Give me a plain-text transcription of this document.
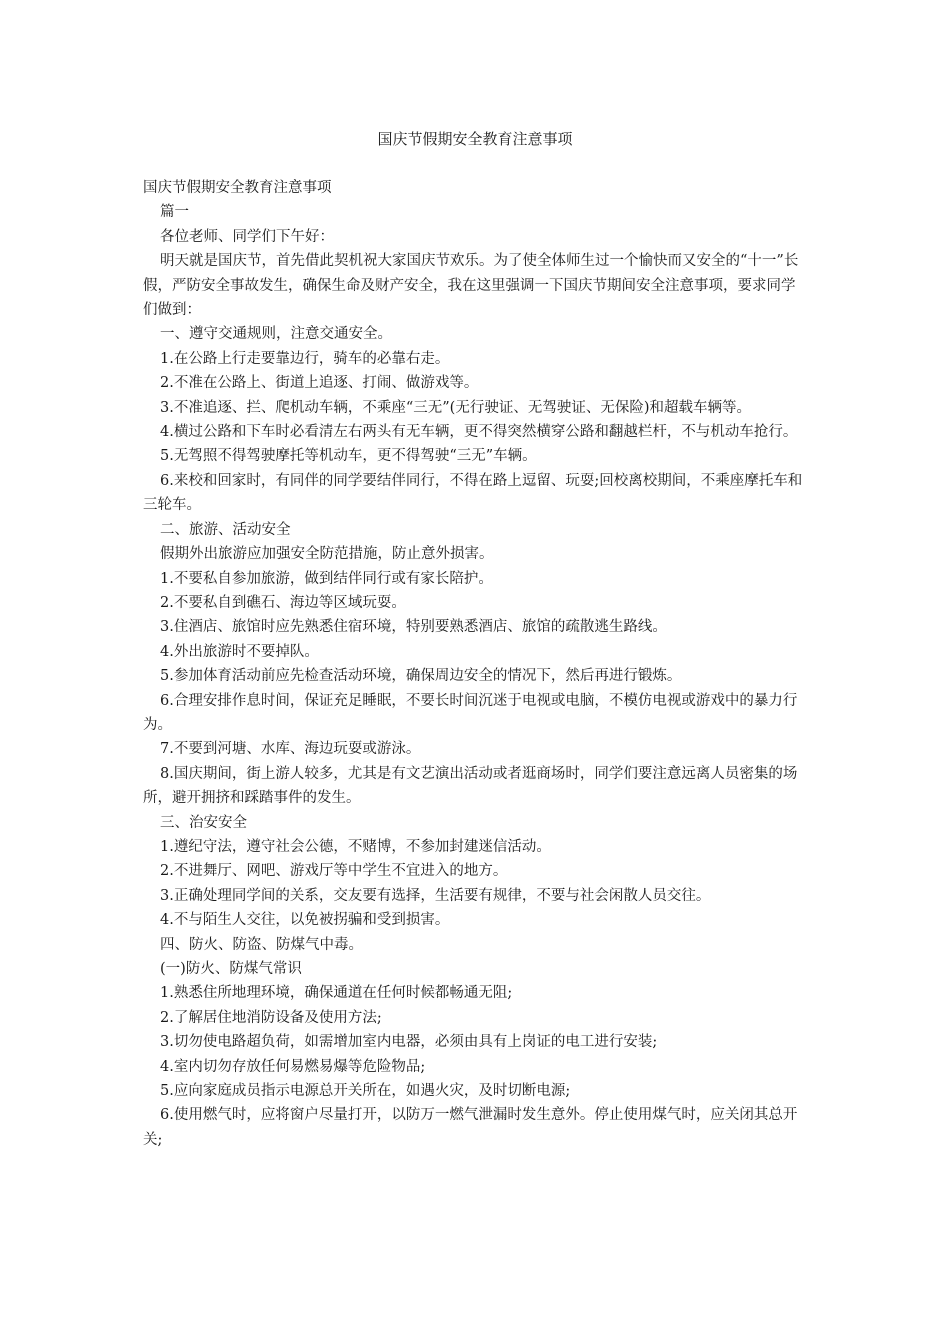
国庆节假期安全教育注意事项

国庆节假期安全教育注意事项

篇一

各位老师、同学们下午好：

明天就是国庆节，首先借此契机祝大家国庆节欢乐。为了使全体师生过一个愉快而又安全的“十一”长假，严防安全事故发生，确保生命及财产安全，我在这里强调一下国庆节期间安全注意事项，要求同学们做到：

一、遵守交通规则，注意交通安全。

1.在公路上行走要靠边行，骑车的必靠右走。

2.不准在公路上、街道上追逐、打闹、做游戏等。

3.不准追逐、拦、爬机动车辆，不乘座“三无”(无行驶证、无驾驶证、无保险)和超载车辆等。

4.横过公路和下车时必看清左右两头有无车辆，更不得突然横穿公路和翻越栏杆，不与机动车抢行。

5.无驾照不得驾驶摩托等机动车，更不得驾驶“三无”车辆。

6.来校和回家时，有同伴的同学要结伴同行，不得在路上逗留、玩耍;回校离校期间，不乘座摩托车和三轮车。

二、旅游、活动安全

假期外出旅游应加强安全防范措施，防止意外损害。

1.不要私自参加旅游，做到结伴同行或有家长陪护。

2.不要私自到礁石、海边等区域玩耍。

3.住酒店、旅馆时应先熟悉住宿环境，特别要熟悉酒店、旅馆的疏散逃生路线。

4.外出旅游时不要掉队。

5.参加体育活动前应先检查活动环境，确保周边安全的情况下，然后再进行锻炼。

6.合理安排作息时间，保证充足睡眠，不要长时间沉迷于电视或电脑，不模仿电视或游戏中的暴力行为。

7.不要到河塘、水库、海边玩耍或游泳。

8.国庆期间，街上游人较多，尤其是有文艺演出活动或者逛商场时，同学们要注意远离人员密集的场所，避开拥挤和踩踏事件的发生。

三、治安安全

1.遵纪守法，遵守社会公德，不赌博，不参加封建迷信活动。

2.不进舞厅、网吧、游戏厅等中学生不宜进入的地方。

3.正确处理同学间的关系，交友要有选择，生活要有规律，不要与社会闲散人员交往。

4.不与陌生人交往，以免被拐骗和受到损害。

四、防火、防盗、防煤气中毒。

(一)防火、防煤气常识

1.熟悉住所地理环境，确保通道在任何时候都畅通无阻;

2.了解居住地消防设备及使用方法;

3.切勿使电路超负荷，如需增加室内电器，必须由具有上岗证的电工进行安装;

4.室内切勿存放任何易燃易爆等危险物品;

5.应向家庭成员指示电源总开关所在，如遇火灾，及时切断电源;

6.使用燃气时，应将窗户尽量打开，以防万一燃气泄漏时发生意外。停止使用煤气时，应关闭其总开关;
